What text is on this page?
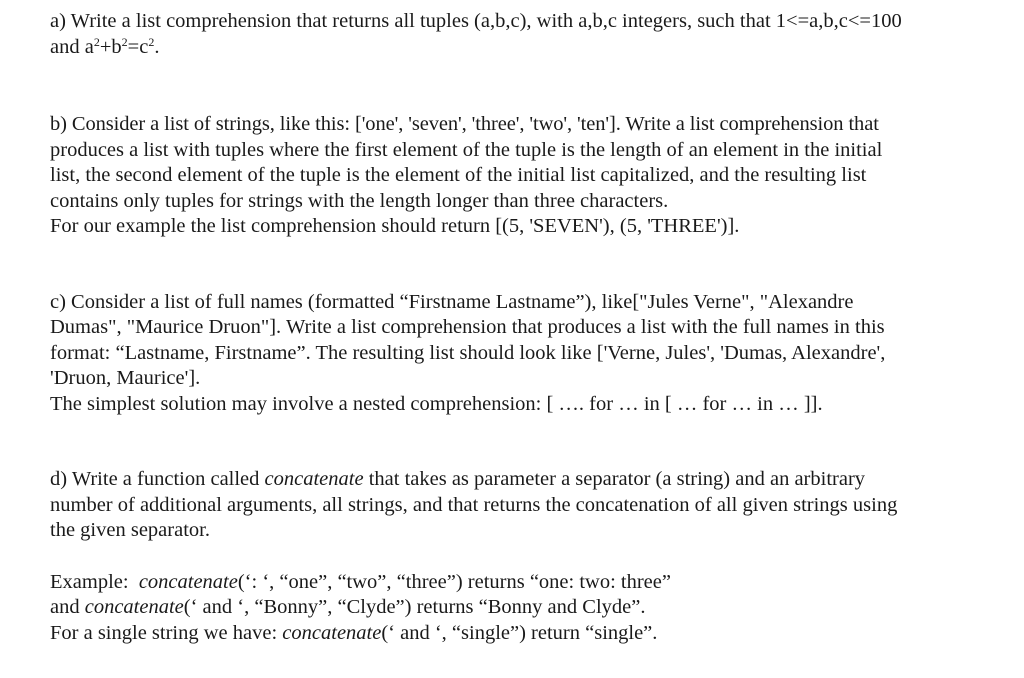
a) Write a list comprehension that returns all tuples (a,b,c), with a,b,c integers, such that 1<=a,b,c<=100
and $a^2+b^2=c^2$.
b) Consider a list of strings, like this: ['one', 'seven', 'three', 'two', 'ten']. Write a list comprehension that
produces a list with tuples where the first element of the tuple is the length of an element in the initial
list, the second element of the tuple is the element of the initial list capitalized, and the resulting list
contains only tuples for strings with the length longer than three characters.
For our example the list comprehension should return [(5, 'SEVEN'), (5, 'THREE')].
c) Consider a list of full names (formatted “Firstname Lastname”), like["Jules Verne", "Alexandre
Dumas", "Maurice Druon"]. Write a list comprehension that produces a list with the full names in this
format: “Lastname, Firstname”. The resulting list should look like ['Verne, Jules', 'Dumas, Alexandre',
'Druon, Maurice'].
The simplest solution may involve a nested comprehension: [ …. for … in [ … for … in … ]].
d) Write a function called concatenate that takes as parameter a separator (a string) and an arbitrary
number of additional arguments, all strings, and that returns the concatenation of all given strings using
the given separator.
Example:  concatenate(‘: ‘, “one”, “two”, “three”) returns “one: two: three”
and concatenate(‘ and ‘, “Bonny”, “Clyde”) returns “Bonny and Clyde”.
For a single string we have: concatenate(‘ and ‘, “single”) return “single”.
